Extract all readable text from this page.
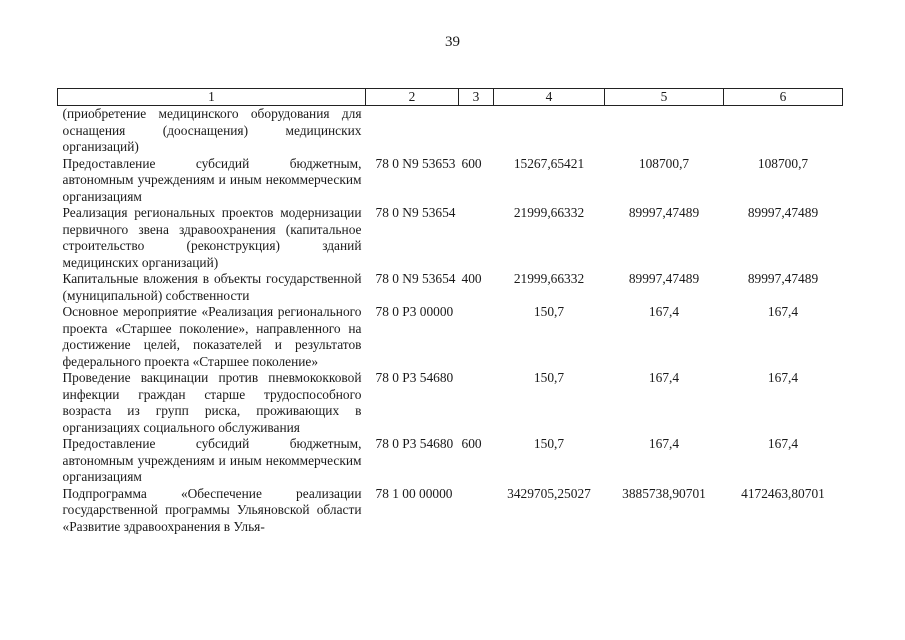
39
1	2	3	4	5	6
(приобретение медицинского оборудования для оснащения (дооснащения) медицинских организаций)					
Предоставление субсидий бюджетным, автономным учреждениям и иным некоммерческим организациям	78 0 N9 53653	600	15267,65421	108700,7	108700,7
Реализация региональных проектов модернизации первичного звена здравоохранения (капитальное строительство (реконструкция) зданий медицинских организаций)	78 0 N9 53654		21999,66332	89997,47489	89997,47489
Капитальные вложения в объекты государственной (муниципальной) собственности	78 0 N9 53654	400	21999,66332	89997,47489	89997,47489
Основное мероприятие «Реализация регионального проекта «Старшее поколение», направленного на достижение целей, показателей и результатов федерального проекта «Старшее поколение»	78 0 P3 00000		150,7	167,4	167,4
Проведение вакцинации против пневмококковой инфекции граждан старше трудоспособного возраста из групп риска, проживающих в организациях социального обслуживания	78 0 P3 54680		150,7	167,4	167,4
Предоставление субсидий бюджетным, автономным учреждениям и иным некоммерческим организациям	78 0 P3 54680	600	150,7	167,4	167,4
Подпрограмма «Обеспечение реализации государственной программы Ульяновской области «Развитие здравоохранения в Улья-	78 1 00 00000		3429705,25027	3885738,90701	4172463,80701
